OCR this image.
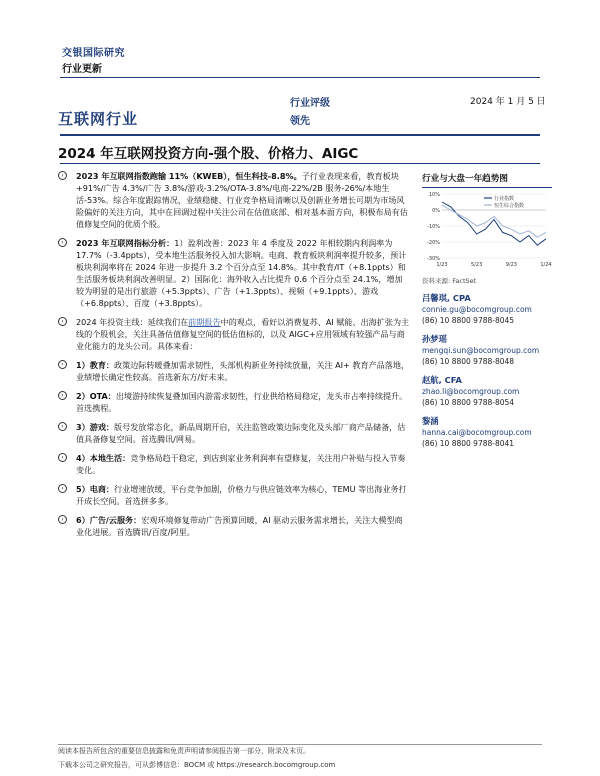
交银国际研究
行业更新
互联网行业
行业评级
领先
2024 年 1 月 5 日
2024 年互联网投资方向-强个股、价格力、AIGC
›	2023 年互联网指数跑输 11%（KWEB），恒生科技-8.8%。子行业表现来看，教育板块+91%/广告 4.3%/广告 3.8%/游戏-3.2%/OTA-3.8%/电商-22%/2B 服务-26%/本地生活-53%。综合年度跟踪情况，业绩稳健、行业竞争格局清晰以及创新业务增长可期为市场风险偏好的关注方向，其中在回调过程中关注公司在估值底部、相对基本面方向，积极布局有估值修复空间的优质个股。
›	2023 年互联网指标分析：1）盈利改善：2023 年 4 季度及 2022 年相较期内利润率为 17.7%（-3.4ppts），受本地生活服务投入加大影响。电商、教育板块利润率提升较多，预计板块利润率将在 2024 年进一步提升 3.2 个百分点至 14.8%。其中教育/IT（+8.1ppts）和生活服务板块利润改善明显。2）国际化：海外收入占比提升 0.6 个百分点至 24.1%，增加较为明显的是出行旅游（+5.3ppts）、广告（+1.3ppts）、视频（+9.1ppts）、游戏（+6.8ppts）、百度（+3.8ppts）。
›	2024 年投资主线：延续我们在前期报告中的观点，看好以消费复苏、AI 赋能、出海扩张为主线的个股机会，关注具备估值修复空间的低估值标的，以及 AIGC+应用领域有较强产品与商业化能力的龙头公司。具体来看：
›	1）教育：政策边际转暖叠加需求韧性，头部机构新业务持续放量，关注 AI+ 教育产品落地，业绩增长确定性较高。首选新东方/好未来。
›	2）OTA：出境游持续恢复叠加国内游需求韧性，行业供给格局稳定，龙头市占率持续提升。首选携程。
›	3）游戏：版号发放常态化，新品周期开启，关注监管政策边际变化及头部厂商产品储备，估值具备修复空间。首选腾讯/网易。
›	4）本地生活：竞争格局趋于稳定，到店到家业务利润率有望修复，关注用户补贴与投入节奏变化。
›	5）电商：行业增速放缓，平台竞争加剧，价格力与供应链效率为核心，TEMU 等出海业务打开成长空间。首选拼多多。
›	6）广告/云服务：宏观环境修复带动广告预算回暖，AI 驱动云服务需求增长，关注大模型商业化进展。首选腾讯/百度/阿里。
行业与大盘一年趋势图
10%
0%
-10%
-20%
-30%
1/23	5/23	9/23	1/24
行业指数
恒生综合指数
资料来源: FactSet
吕馨琪, CPA
connie.gu@bocomgroup.com
(86) 10 8800 9788-8045
孙梦瑶
mengqi.sun@bocomgroup.com
(86) 10 8800 9788-8048
赵航, CFA
zhao.li@bocomgroup.com
(86) 10 8800 9788-8054
黎涵
hanna.cai@bocomgroup.com
(86) 10 8800 9788-8041
阅读本报告所包含的重要信息披露和免责声明请参阅报告第一部分，附录及末页。
下载本公司之研究报告，可从彭博信息：BOCM 或 https://research.bocomgroup.com
